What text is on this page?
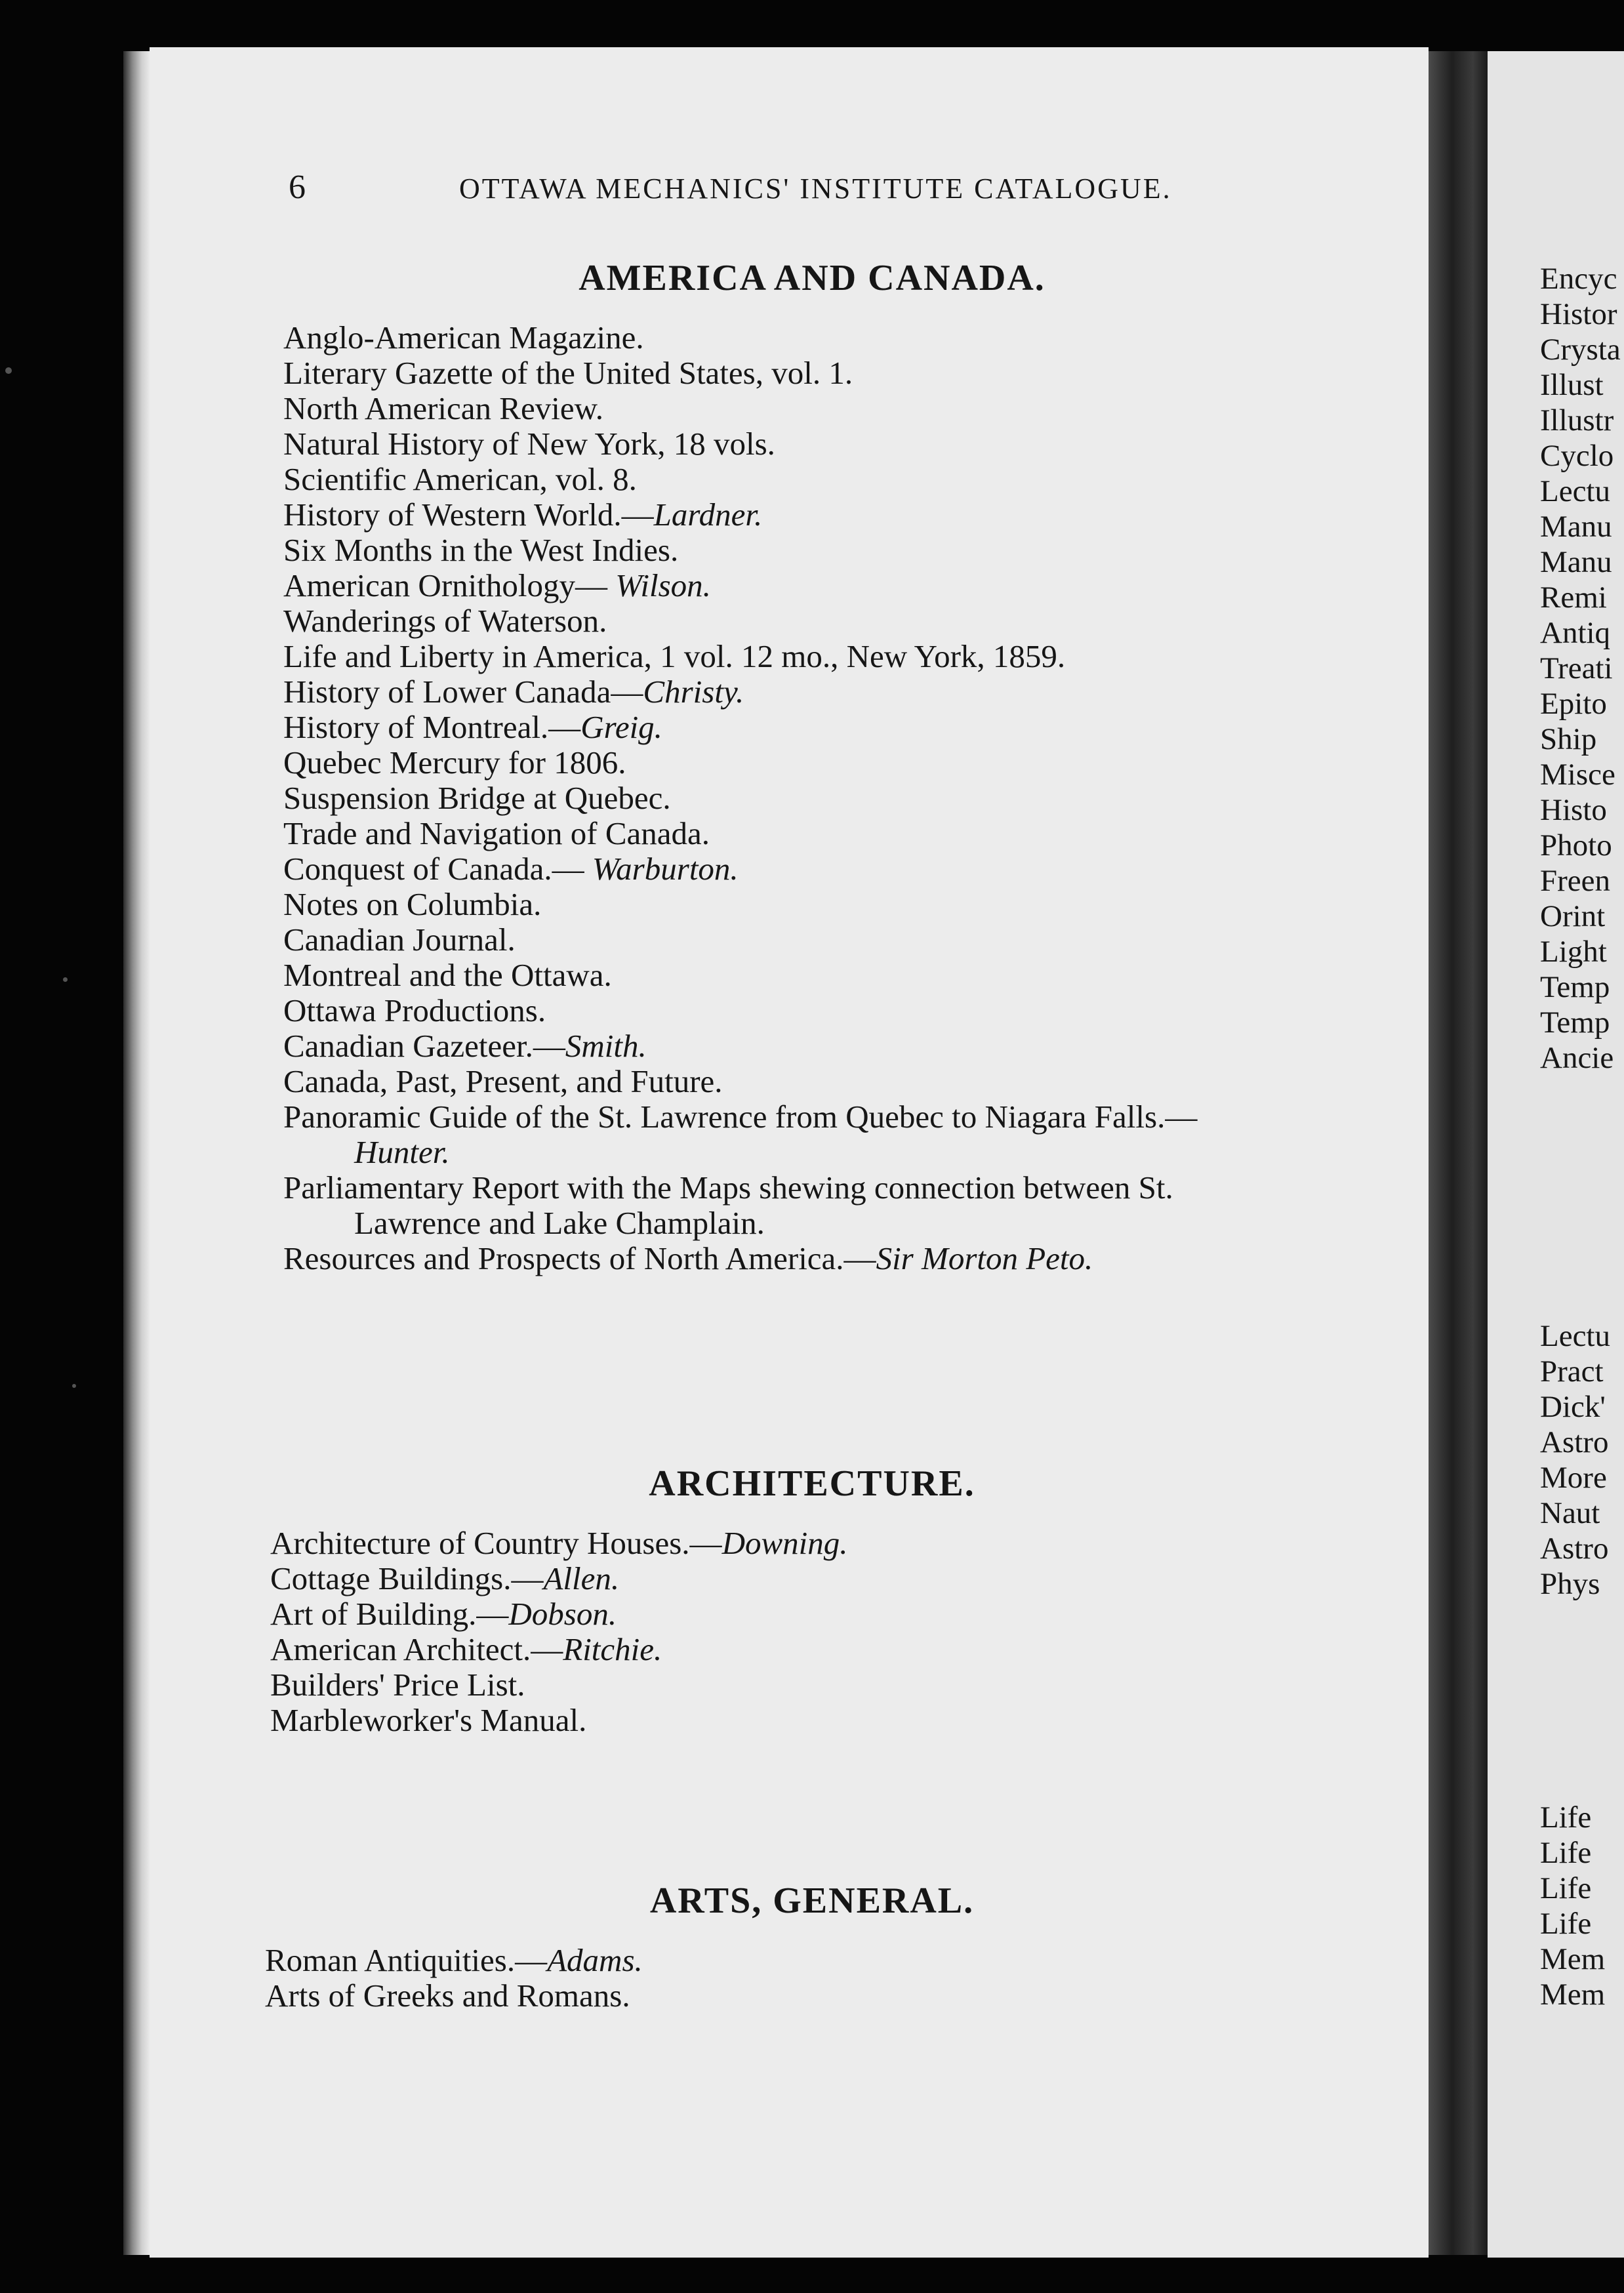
6	OTTAWA MECHANICS' INSTITUTE CATALOGUE.
AMERICA AND CANADA.
Anglo-American Magazine.
Literary Gazette of the United States, vol. 1.
North American Review.
Natural History of New York, 18 vols.
Scientific American, vol. 8.
History of Western World.—Lardner.
Six Months in the West Indies.
American Ornithology— Wilson.
Wanderings of Waterson.
Life and Liberty in America, 1 vol. 12 mo., New York, 1859.
History of Lower Canada—Christy.
History of Montreal.—Greig.
Quebec Mercury for 1806.
Suspension Bridge at Quebec.
Trade and Navigation of Canada.
Conquest of Canada.— Warburton.
Notes on Columbia.
Canadian Journal.
Montreal and the Ottawa.
Ottawa Productions.
Canadian Gazeteer.—Smith.
Canada, Past, Present, and Future.
Panoramic Guide of the St. Lawrence from Quebec to Niagara Falls.—
Hunter.
Parliamentary Report with the Maps shewing connection between St.
Lawrence and Lake Champlain.
Resources and Prospects of North America.—Sir Morton Peto.
ARCHITECTURE.
Architecture of Country Houses.—Downing.
Cottage Buildings.—Allen.
Art of Building.—Dobson.
American Architect.—Ritchie.
Builders' Price List.
Marbleworker's Manual.
ARTS, GENERAL.
Roman Antiquities.—Adams.
Arts of Greeks and Romans.
Encyc
Histor
Crysta
Illust
Illustr
Cyclo
Lectu
Manu
Manu
Remi
Antiq
Treati
Epito
Ship
Misce
Histo
Photo
Freen
Orint
Light
Temp
Temp
Ancie
Lectu
Pract
Dick'
Astro
More
Naut
Astro
Phys
Life
Life
Life
Life
Mem
Mem
